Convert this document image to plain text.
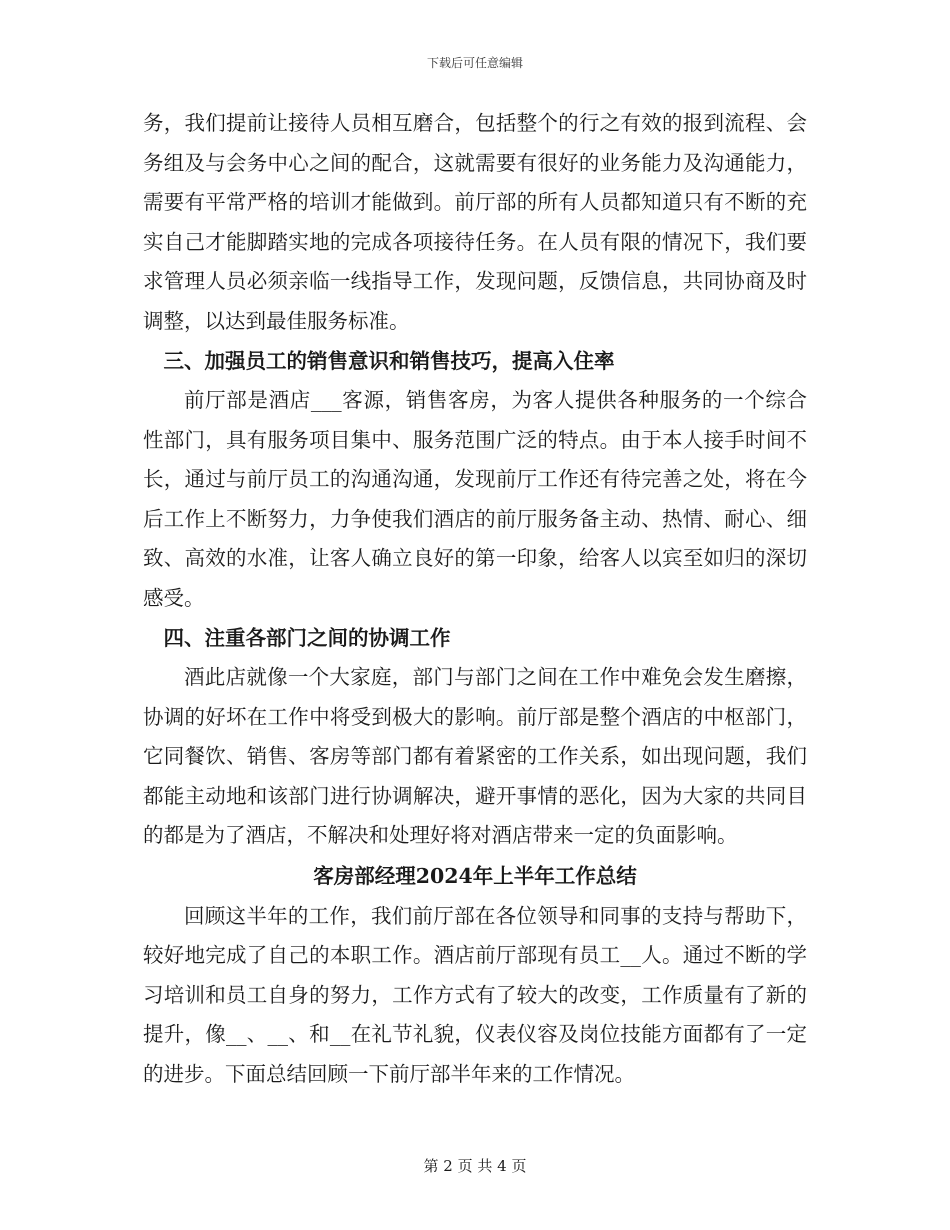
下载后可任意编辑

务，我们提前让接待人员相互磨合，包括整个的行之有效的报到流程、会务组及与会务中心之间的配合，这就需要有很好的业务能力及沟通能力，需要有平常严格的培训才能做到。前厅部的所有人员都知道只有不断的充实自己才能脚踏实地的完成各项接待任务。在人员有限的情况下，我们要求管理人员必须亲临一线指导工作，发现问题，反馈信息，共同协商及时调整，以达到最佳服务标准。

三、加强员工的销售意识和销售技巧，提高入住率

前厅部是酒店___客源，销售客房，为客人提供各种服务的一个综合性部门，具有服务项目集中、服务范围广泛的特点。由于本人接手时间不长，通过与前厅员工的沟通沟通，发现前厅工作还有待完善之处，将在今后工作上不断努力，力争使我们酒店的前厅服务备主动、热情、耐心、细致、高效的水准，让客人确立良好的第一印象，给客人以宾至如归的深切感受。

四、注重各部门之间的协调工作

酒此店就像一个大家庭，部门与部门之间在工作中难免会发生磨擦，协调的好坏在工作中将受到极大的影响。前厅部是整个酒店的中枢部门，它同餐饮、销售、客房等部门都有着紧密的工作关系，如出现问题，我们都能主动地和该部门进行协调解决，避开事情的恶化，因为大家的共同目的都是为了酒店，不解决和处理好将对酒店带来一定的负面影响。

客房部经理2024年上半年工作总结

回顾这半年的工作，我们前厅部在各位领导和同事的支持与帮助下，较好地完成了自己的本职工作。酒店前厅部现有员工__人。通过不断的学习培训和员工自身的努力，工作方式有了较大的改变，工作质量有了新的提升，像__、__、和__在礼节礼貌，仪表仪容及岗位技能方面都有了一定的进步。下面总结回顾一下前厅部半年来的工作情况。

第 2 页 共 4 页
